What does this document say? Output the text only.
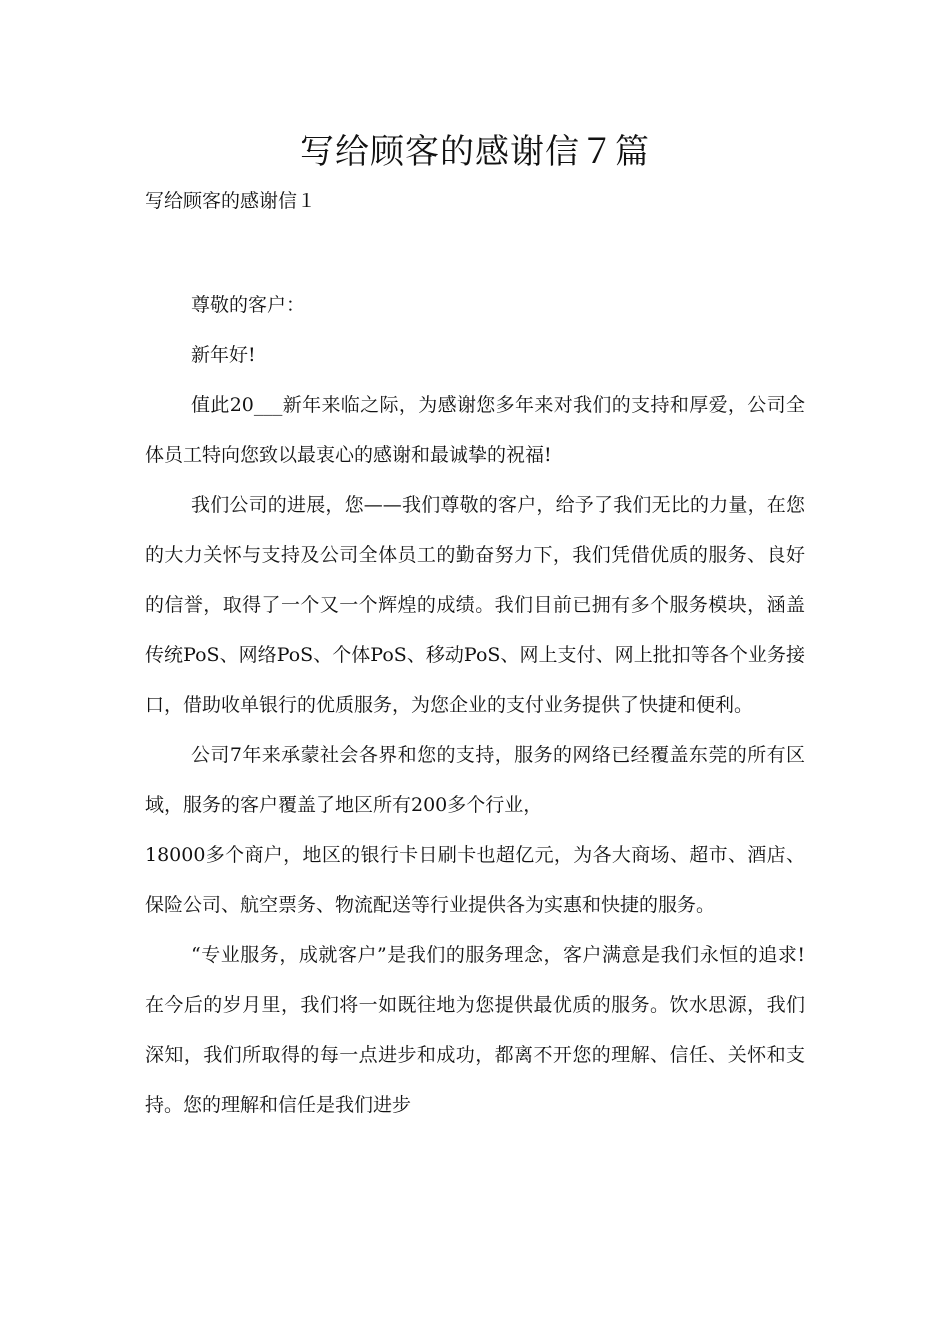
写给顾客的感谢信７篇

写给顾客的感谢信１

尊敬的客户：

新年好!

值此20___新年来临之际，为感谢您多年来对我们的支持和厚爱，公司全体员工特向您致以最衷心的感谢和最诚挚的祝福!

我们公司的进展，您——我们尊敬的客户，给予了我们无比的力量，在您的大力关怀与支持及公司全体员工的勤奋努力下，我们凭借优质的服务、良好的信誉，取得了一个又一个辉煌的成绩。我们目前已拥有多个服务模块，涵盖传统PoS、网络PoS、个体PoS、移动PoS、网上支付、网上批扣等各个业务接口，借助收单银行的优质服务，为您企业的支付业务提供了快捷和便利。

公司7年来承蒙社会各界和您的支持，服务的网络已经覆盖东莞的所有区域，服务的客户覆盖了地区所有200多个行业，

18000多个商户，地区的银行卡日刷卡也超亿元，为各大商场、超市、酒店、保险公司、航空票务、物流配送等行业提供各为实惠和快捷的服务。

“专业服务，成就客户”是我们的服务理念，客户满意是我们永恒的追求!在今后的岁月里，我们将一如既往地为您提供最优质的服务。饮水思源，我们深知，我们所取得的每一点进步和成功，都离不开您的理解、信任、关怀和支持。您的理解和信任是我们进步
